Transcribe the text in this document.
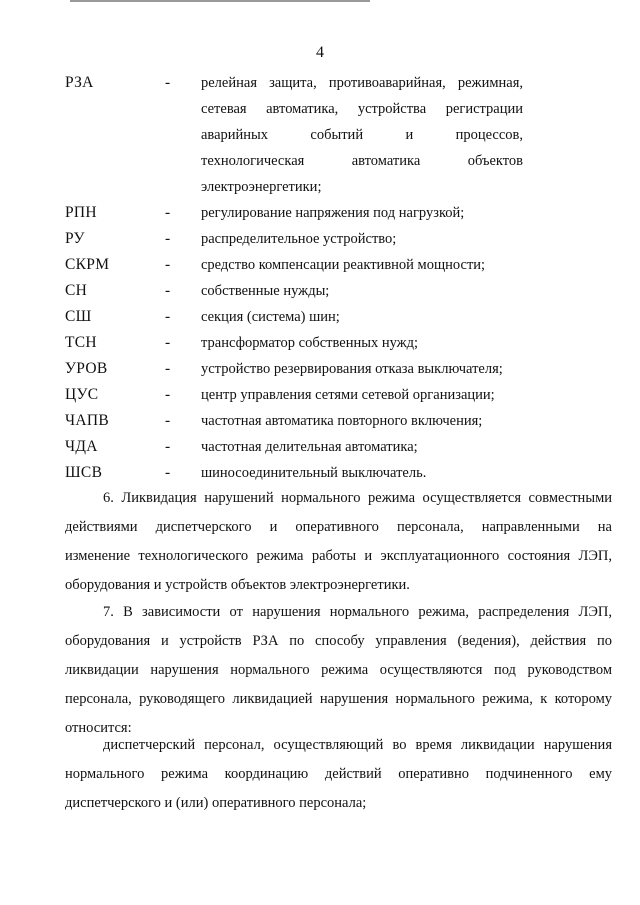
4
РЗА	-	релейная защита, противоаварийная, режимная,
сетевая автоматика, устройства регистрации
аварийных событий и процессов,
технологическая автоматика объектов
электроэнергетики;
РПН	-	регулирование напряжения под нагрузкой;
РУ	-	распределительное устройство;
СКРМ	-	средство компенсации реактивной мощности;
СН	-	собственные нужды;
СШ	-	секция (система) шин;
ТСН	-	трансформатор собственных нужд;
УРОВ	-	устройство резервирования отказа выключателя;
ЦУС	-	центр управления сетями сетевой организации;
ЧАПВ	-	частотная автоматика повторного включения;
ЧДА	-	частотная делительная автоматика;
ШСВ	-	шиносоединительный выключатель.
6. Ликвидация нарушений нормального режима осуществляется совместными
действиями диспетчерского и оперативного персонала, направленными на
изменение технологического режима работы и эксплуатационного состояния ЛЭП,
оборудования и устройств объектов электроэнергетики.
7. В зависимости от нарушения нормального режима, распределения ЛЭП,
оборудования и устройств РЗА по способу управления (ведения), действия по
ликвидации нарушения нормального режима осуществляются под руководством
персонала, руководящего ликвидацией нарушения нормального режима, к которому
относится:
диспетчерский персонал, осуществляющий во время ликвидации нарушения
нормального режима координацию действий оперативно подчиненного ему
диспетчерского и (или) оперативного персонала;
